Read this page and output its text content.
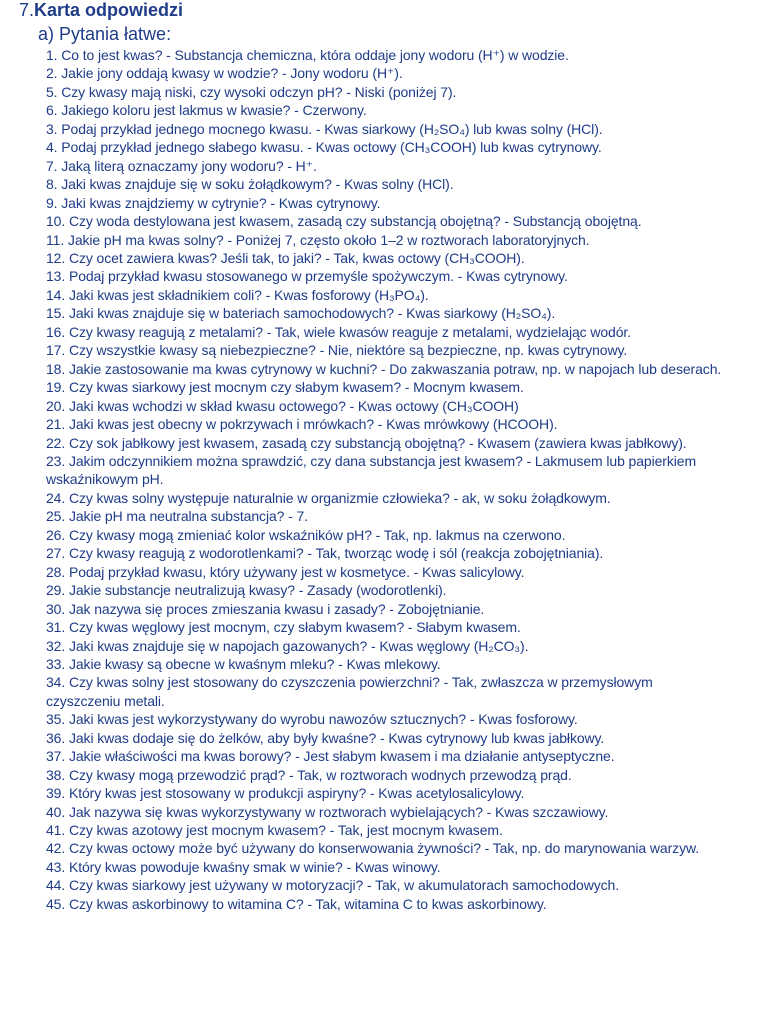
7.Karta odpowiedzi
a) Pytania łatwe:
1. Co to jest kwas? - Substancja chemiczna, która oddaje jony wodoru (H⁺) w wodzie.
2. Jakie jony oddają kwasy w wodzie? - Jony wodoru (H⁺).
5. Czy kwasy mają niski, czy wysoki odczyn pH? - Niski (poniżej 7).
6. Jakiego koloru jest lakmus w kwasie? - Czerwony.
3. Podaj przykład jednego mocnego kwasu. - Kwas siarkowy (H₂SO₄) lub kwas solny (HCl).
4. Podaj przykład jednego słabego kwasu. - Kwas octowy (CH₃COOH) lub kwas cytrynowy.
7. Jaką literą oznaczamy jony wodoru? - H⁺.
8. Jaki kwas znajduje się w soku żołądkowym? - Kwas solny (HCl).
9. Jaki kwas znajdziemy w cytrynie? - Kwas cytrynowy.
10. Czy woda destylowana jest kwasem, zasadą czy substancją obojętną? - Substancją obojętną.
11. Jakie pH ma kwas solny? - Poniżej 7, często około 1–2 w roztworach laboratoryjnych.
12. Czy ocet zawiera kwas? Jeśli tak, to jaki? - Tak, kwas octowy (CH₃COOH).
13. Podaj przykład kwasu stosowanego w przemyśle spożywczym. - Kwas cytrynowy.
14. Jaki kwas jest składnikiem coli? - Kwas fosforowy (H₃PO₄).
15. Jaki kwas znajduje się w bateriach samochodowych? - Kwas siarkowy (H₂SO₄).
16. Czy kwasy reagują z metalami? - Tak, wiele kwasów reaguje z metalami, wydzielając wodór.
17. Czy wszystkie kwasy są niebezpieczne? - Nie, niektóre są bezpieczne, np. kwas cytrynowy.
18. Jakie zastosowanie ma kwas cytrynowy w kuchni? - Do zakwaszania potraw, np. w napojach lub deserach.
19. Czy kwas siarkowy jest mocnym czy słabym kwasem? - Mocnym kwasem.
20. Jaki kwas wchodzi w skład kwasu octowego? - Kwas octowy (CH₃COOH)
21. Jaki kwas jest obecny w pokrzywach i mrówkach? - Kwas mrówkowy (HCOOH).
22. Czy sok jabłkowy jest kwasem, zasadą czy substancją obojętną? - Kwasem (zawiera kwas jabłkowy).
23. Jakim odczynnikiem można sprawdzić, czy dana substancja jest kwasem? - Lakmusem lub papierkiem wskaźnikowym pH.
24. Czy kwas solny występuje naturalnie w organizmie człowieka? - ak, w soku żołądkowym.
25. Jakie pH ma neutralna substancja? - 7.
26. Czy kwasy mogą zmieniać kolor wskaźników pH? - Tak, np. lakmus na czerwono.
27. Czy kwasy reagują z wodorotlenkami? - Tak, tworząc wodę i sól (reakcja zobojętniania).
28. Podaj przykład kwasu, który używany jest w kosmetyce. - Kwas salicylowy.
29. Jakie substancje neutralizują kwasy? - Zasady (wodorotlenki).
30. Jak nazywa się proces zmieszania kwasu i zasady? - Zobojętnianie.
31. Czy kwas węglowy jest mocnym, czy słabym kwasem? - Słabym kwasem.
32. Jaki kwas znajduje się w napojach gazowanych? - Kwas węglowy (H₂CO₃).
33. Jakie kwasy są obecne w kwaśnym mleku? - Kwas mlekowy.
34. Czy kwas solny jest stosowany do czyszczenia powierzchni? - Tak, zwłaszcza w przemysłowym czyszczeniu metali.
35. Jaki kwas jest wykorzystywany do wyrobu nawozów sztucznych? - Kwas fosforowy.
36. Jaki kwas dodaje się do żelków, aby były kwaśne? - Kwas cytrynowy lub kwas jabłkowy.
37. Jakie właściwości ma kwas borowy? - Jest słabym kwasem i ma działanie antyseptyczne.
38. Czy kwasy mogą przewodzić prąd? - Tak, w roztworach wodnych przewodzą prąd.
39. Który kwas jest stosowany w produkcji aspiryny? - Kwas acetylosalicylowy.
40. Jak nazywa się kwas wykorzystywany w roztworach wybielających? - Kwas szczawiowy.
41. Czy kwas azotowy jest mocnym kwasem? - Tak, jest mocnym kwasem.
42. Czy kwas octowy może być używany do konserwowania żywności? - Tak, np. do marynowania warzyw.
43. Który kwas powoduje kwaśny smak w winie? - Kwas winowy.
44. Czy kwas siarkowy jest używany w motoryzacji? - Tak, w akumulatorach samochodowych.
45. Czy kwas askorbinowy to witamina C? - Tak, witamina C to kwas askorbinowy.
